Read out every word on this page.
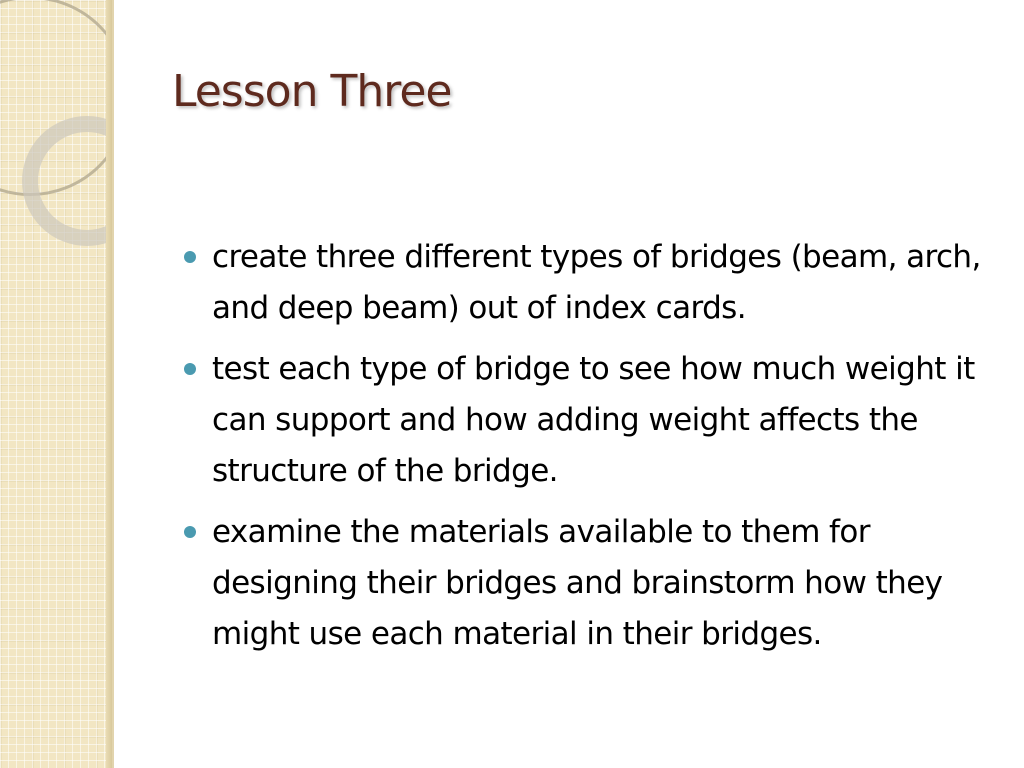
Lesson Three
create three different types of bridges (beam, arch, and deep beam) out of index cards.
test each type of bridge to see how much weight it can support and how adding weight affects the structure of the bridge.
examine the materials available to them for designing their bridges and brainstorm how they might use each material in their bridges.
